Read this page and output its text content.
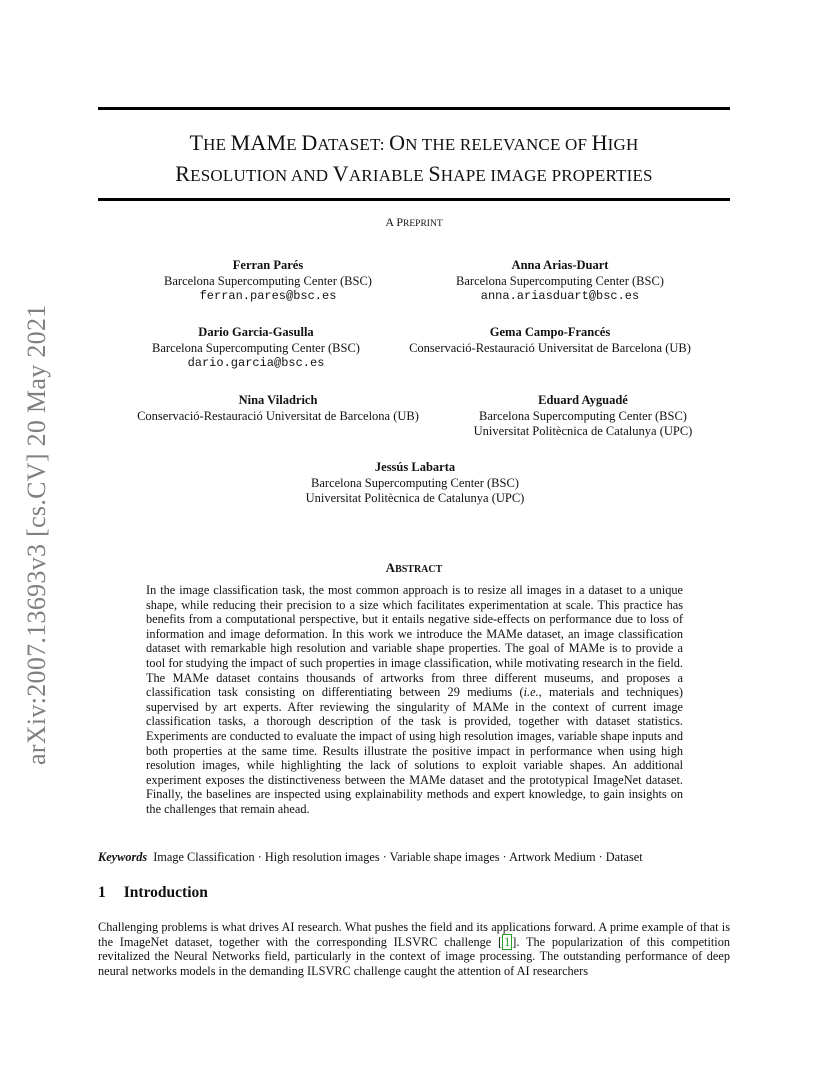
arXiv:2007.13693v3 [cs.CV] 20 May 2021
THE MAME DATASET: ON THE RELEVANCE OF HIGH
RESOLUTION AND VARIABLE SHAPE IMAGE PROPERTIES
A PREPRINT
Ferran Parés
Barcelona Supercomputing Center (BSC)
ferran.pares@bsc.es
Anna Arias-Duart
Barcelona Supercomputing Center (BSC)
anna.ariasduart@bsc.es
Dario Garcia-Gasulla
Barcelona Supercomputing Center (BSC)
dario.garcia@bsc.es
Gema Campo-Francés
Conservació-Restauració Universitat de Barcelona (UB)
Nina Viladrich
Conservació-Restauració Universitat de Barcelona (UB)
Eduard Ayguadé
Barcelona Supercomputing Center (BSC)
Universitat Politècnica de Catalunya (UPC)
Jessús Labarta
Barcelona Supercomputing Center (BSC)
Universitat Politècnica de Catalunya (UPC)
ABSTRACT
In the image classification task, the most common approach is to resize all images in a dataset to a unique shape, while reducing their precision to a size which facilitates experimentation at scale. This practice has benefits from a computational perspective, but it entails negative side-effects on performance due to loss of information and image deformation. In this work we introduce the MAMe dataset, an image classification dataset with remarkable high resolution and variable shape properties. The goal of MAMe is to provide a tool for studying the impact of such properties in image classification, while motivating research in the field. The MAMe dataset contains thousands of artworks from three different museums, and proposes a classification task consisting on differentiating between 29 mediums (i.e., materials and techniques) supervised by art experts. After reviewing the singularity of MAMe in the context of current image classification tasks, a thorough description of the task is provided, together with dataset statistics. Experiments are conducted to evaluate the impact of using high resolution images, variable shape inputs and both properties at the same time. Results illustrate the positive impact in performance when using high resolution images, while highlighting the lack of solutions to exploit variable shapes. An additional experiment exposes the distinctiveness between the MAMe dataset and the prototypical ImageNet dataset. Finally, the baselines are inspected using explainability methods and expert knowledge, to gain insights on the challenges that remain ahead.
Keywords Image Classification · High resolution images · Variable shape images · Artwork Medium · Dataset
1 Introduction
Challenging problems is what drives AI research. What pushes the field and its applications forward. A prime example of that is the ImageNet dataset, together with the corresponding ILSVRC challenge [ 1 ]. The popularization of this competition revitalized the Neural Networks field, particularly in the context of image processing. The outstanding performance of deep neural networks models in the demanding ILSVRC challenge caught the attention of AI researchers
